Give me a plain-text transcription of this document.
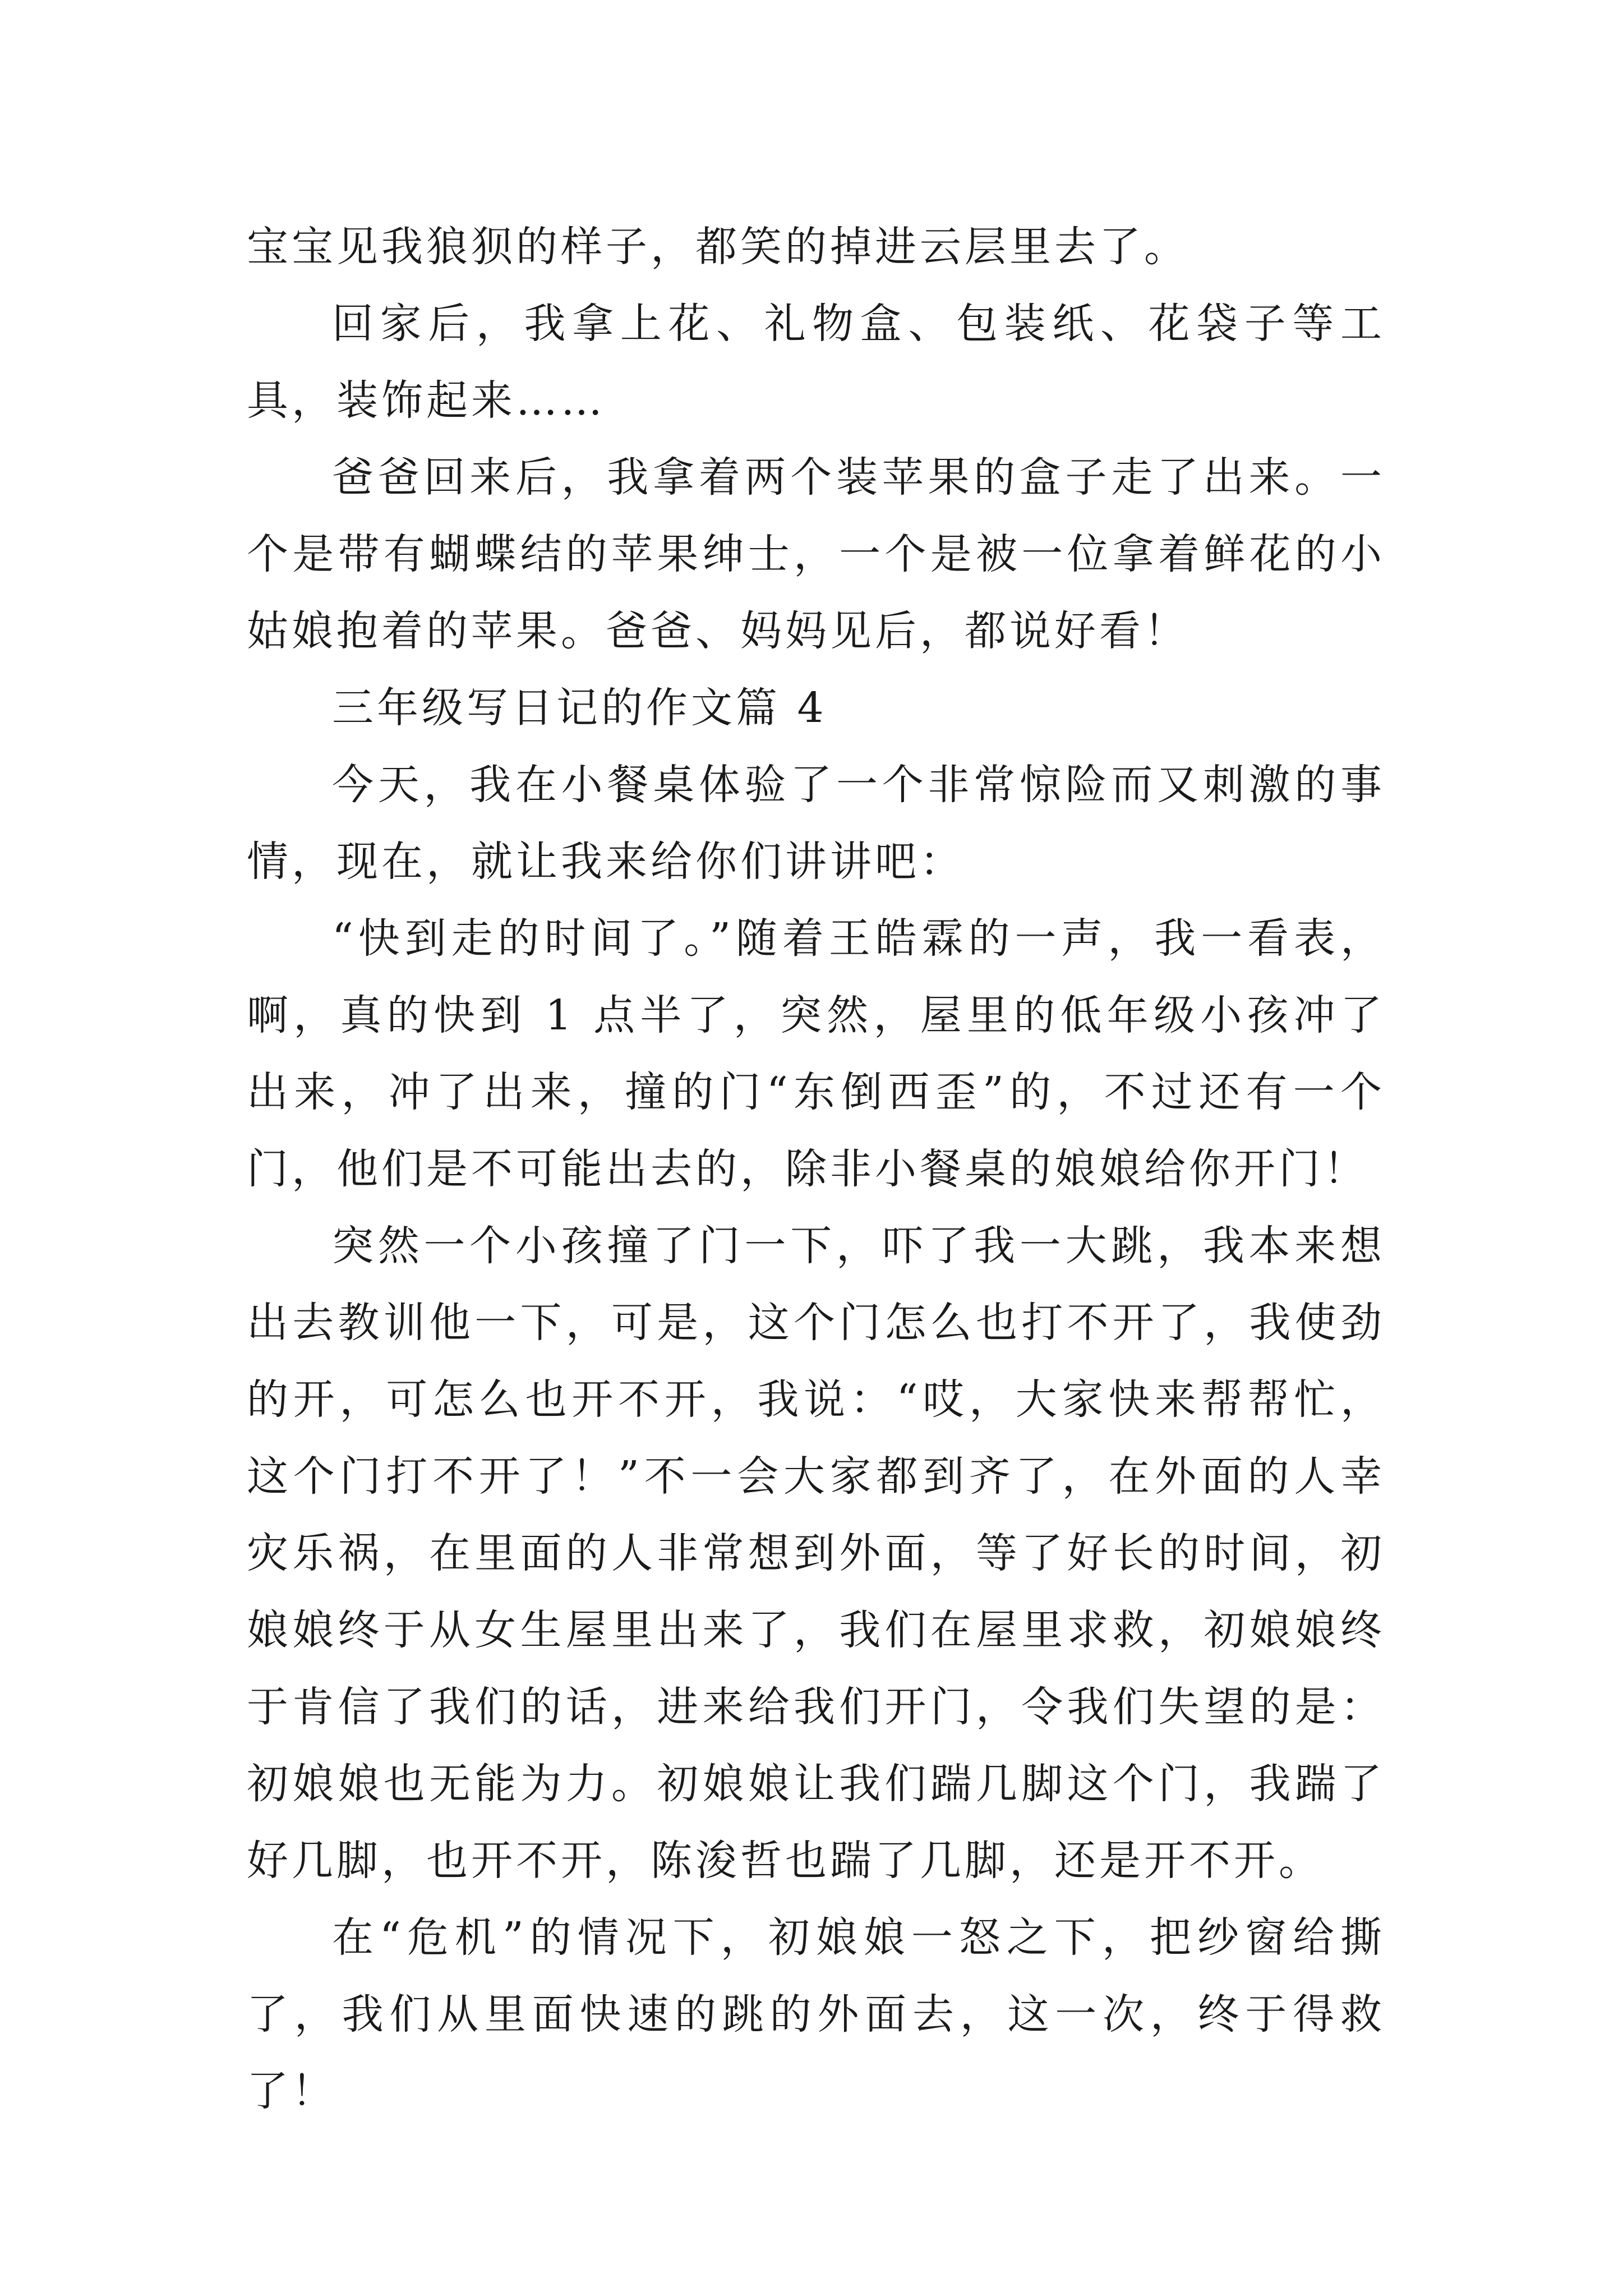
宝宝见我狼狈的样子，都笑的掉进云层里去了。

回家后，我拿上花、礼物盒、包装纸、花袋子等工具，装饰起来……

爸爸回来后，我拿着两个装苹果的盒子走了出来。一个是带有蝴蝶结的苹果绅士，一个是被一位拿着鲜花的小姑娘抱着的苹果。爸爸、妈妈见后，都说好看！

三年级写日记的作文篇 4

今天，我在小餐桌体验了一个非常惊险而又刺激的事情，现在，就让我来给你们讲讲吧：

“快到走的时间了。”随着王皓霖的一声，我一看表，啊，真的快到 1 点半了，突然，屋里的低年级小孩冲了出来，冲了出来，撞的门“东倒西歪”的，不过还有一个门，他们是不可能出去的，除非小餐桌的娘娘给你开门！

突然一个小孩撞了门一下，吓了我一大跳，我本来想出去教训他一下，可是，这个门怎么也打不开了，我使劲的开，可怎么也开不开，我说：“哎，大家快来帮帮忙，这个门打不开了！”不一会大家都到齐了，在外面的人幸灾乐祸，在里面的人非常想到外面，等了好长的时间，初娘娘终于从女生屋里出来了，我们在屋里求救，初娘娘终于肯信了我们的话，进来给我们开门，令我们失望的是：初娘娘也无能为力。初娘娘让我们踹几脚这个门，我踹了好几脚，也开不开，陈浚哲也踹了几脚，还是开不开。

在“危机”的情况下，初娘娘一怒之下，把纱窗给撕了，我们从里面快速的跳的外面去，这一次，终于得救了！
